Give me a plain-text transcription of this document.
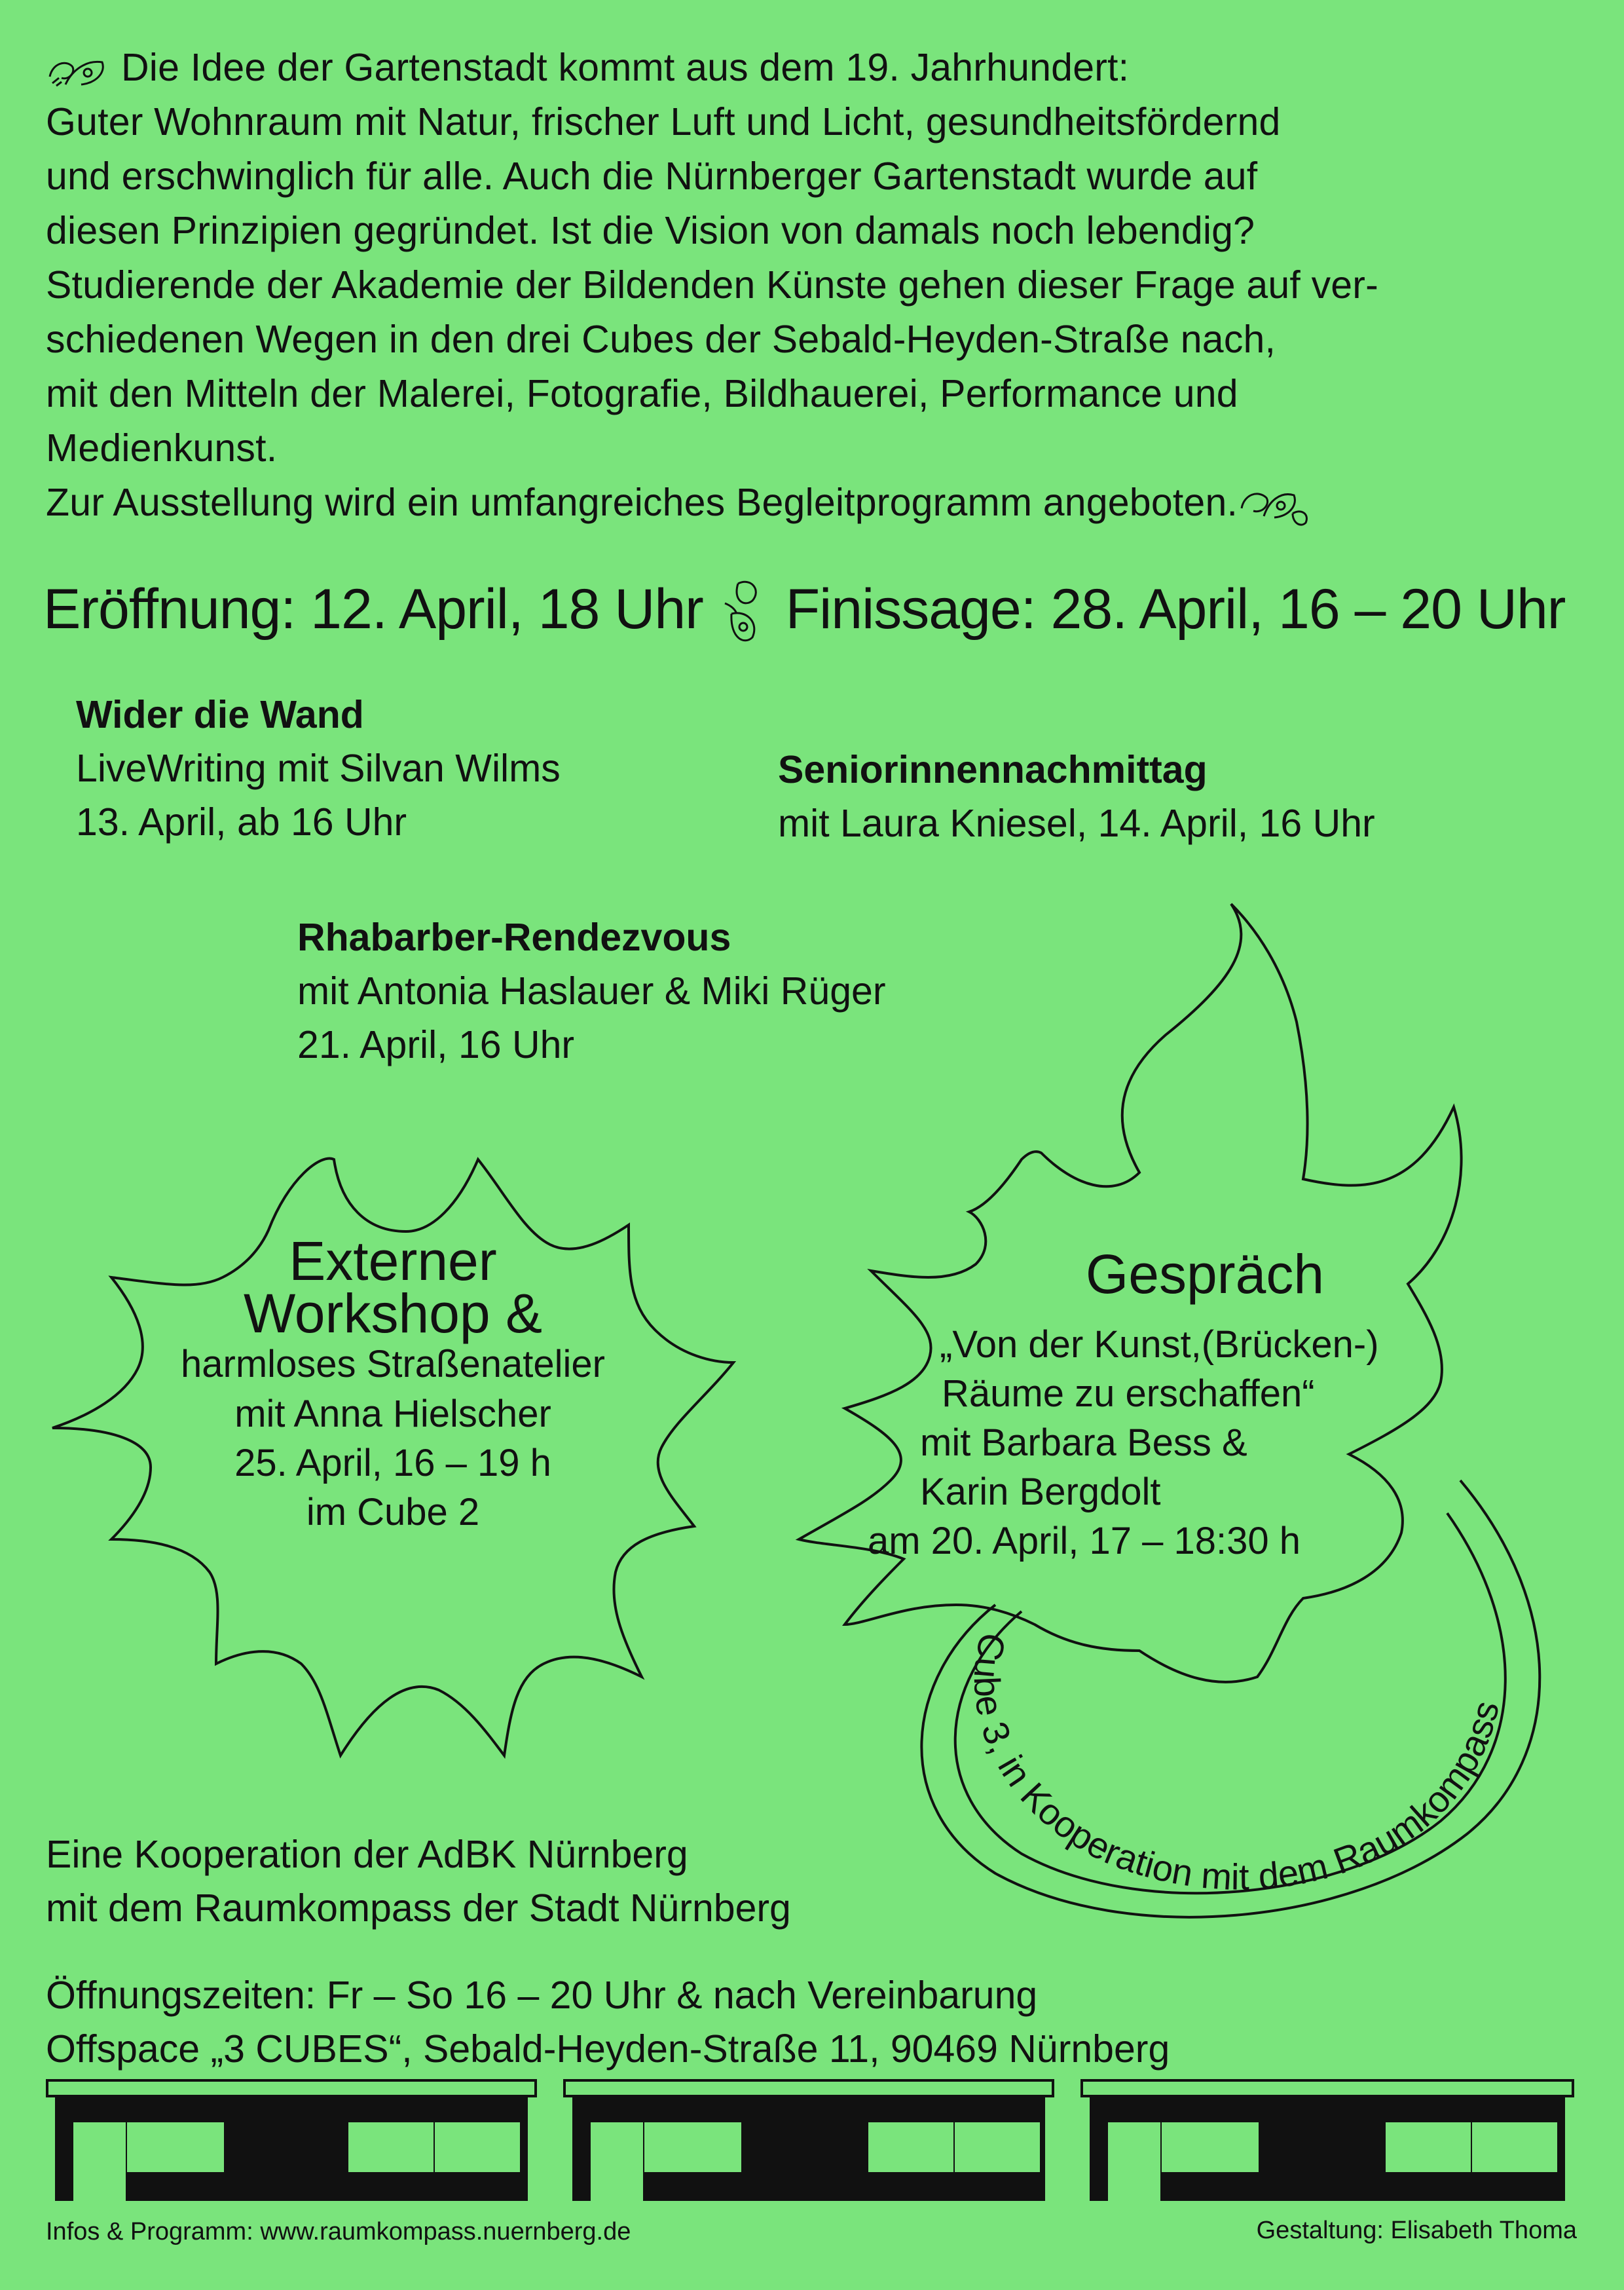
Die Idee der Gartenstadt kommt aus dem 19. Jahrhundert:

Guter Wohnraum mit Natur, frischer Luft und Licht, gesundheitsfördernd

und erschwinglich für alle. Auch die Nürnberger Gartenstadt wurde auf

diesen Prinzipien gegründet. Ist die Vision von damals noch lebendig?

Studierende der Akademie der Bildenden Künste gehen dieser Frage auf ver-

schiedenen Wegen in den drei Cubes der Sebald-Heyden-Straße nach,

mit den Mitteln der Malerei, Fotografie, Bildhauerei, Performance und

Medienkunst.

Zur Ausstellung wird ein umfangreiches Begleitprogramm angeboten.

Eröffnung: 12. April, 18 Uhr Finissage: 28. April, 16 – 20 Uhr
Wider die Wand
LiveWriting mit Silvan Wilms
13. April, ab 16 Uhr
Seniorinnennachmittag
mit Laura Kniesel, 14. April, 16 Uhr
Rhabarber-Rendezvous
mit Antonia Haslauer & Miki Rüger
21. April, 16 Uhr
Cube 3, in Kooperation mit dem Raumkompass
Externer
Workshop &
harmloses Straßenatelier
mit Anna Hielscher
25. April, 16 – 19 h
im Cube 2
Gespräch
„Von der Kunst,(Brücken-)
Räume zu erschaffen“
mit Barbara Bess &
Karin Bergdolt
am 20. April, 17 – 18:30 h
Eine Kooperation der AdBK Nürnberg
mit dem Raumkompass der Stadt Nürnberg
Öffnungszeiten: Fr – So 16 – 20 Uhr & nach Vereinbarung
Offspace „3 CUBES“, Sebald-Heyden-Straße 11, 90469 Nürnberg
Infos & Programm: www.raumkompass.nuernberg.de	Gestaltung: Elisabeth Thoma
